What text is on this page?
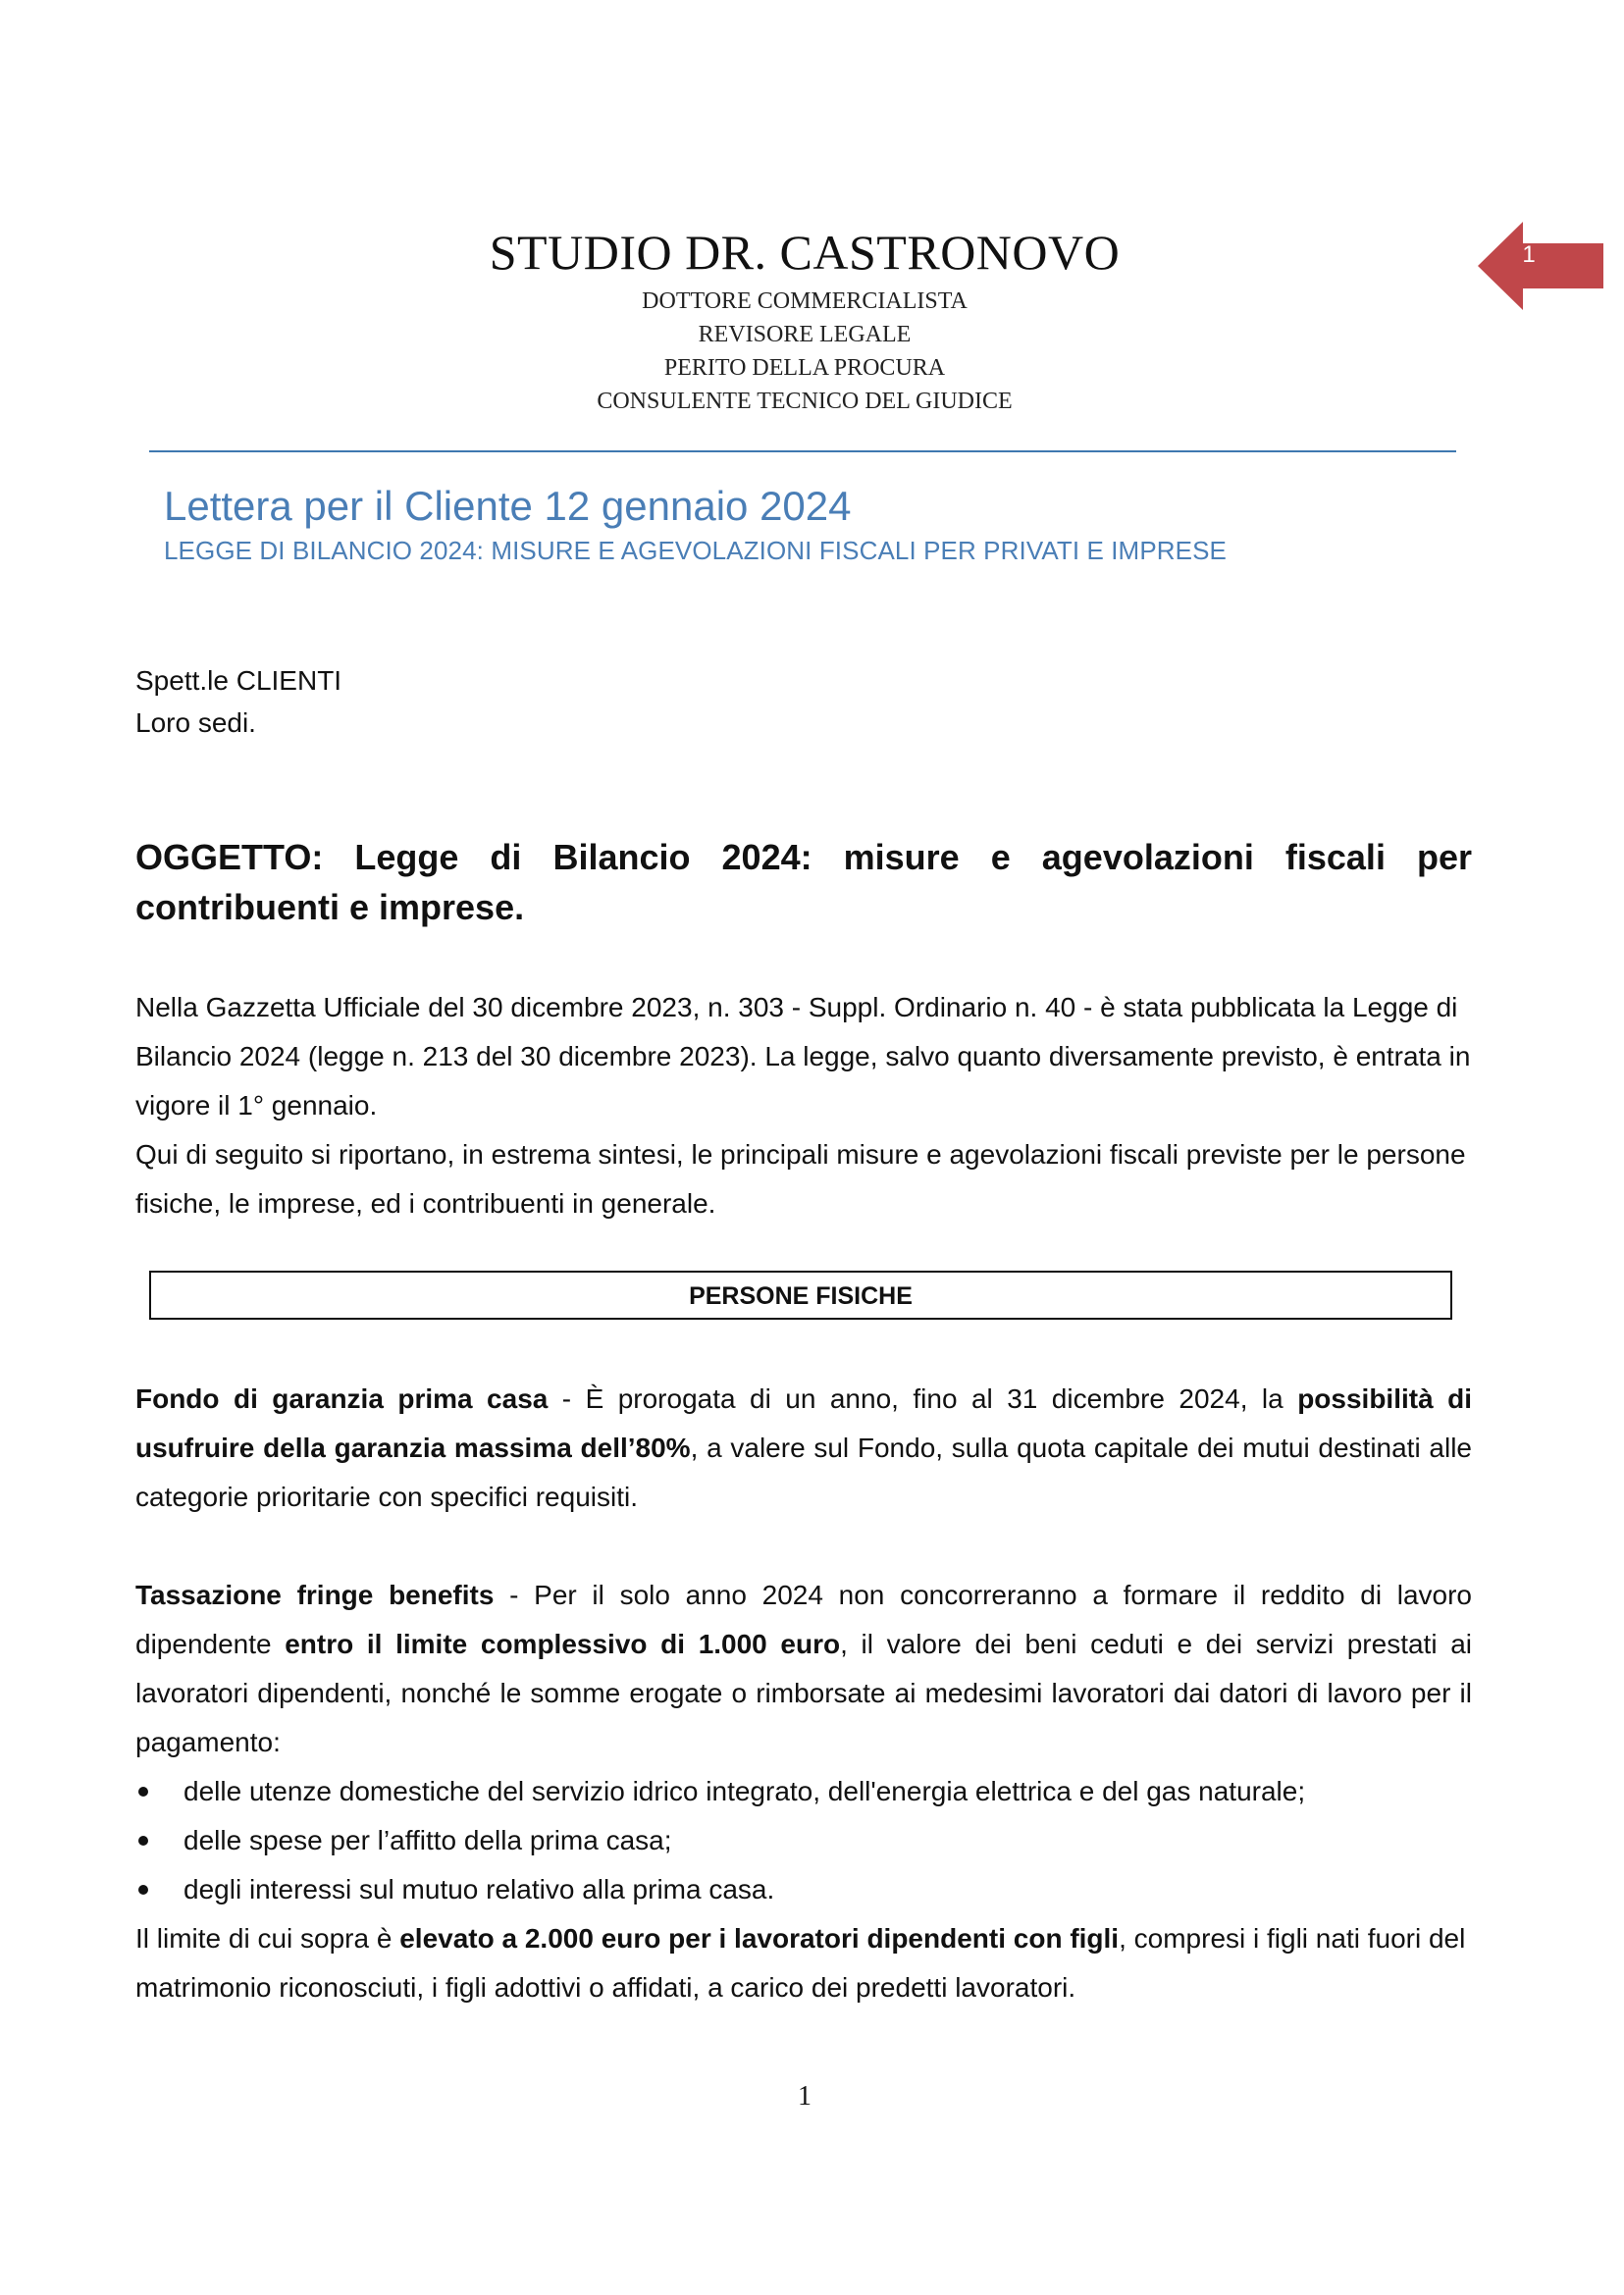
STUDIO DR. CASTRONOVO
DOTTORE COMMERCIALISTA
REVISORE LEGALE
PERITO DELLA PROCURA
CONSULENTE TECNICO DEL GIUDICE
1
Lettera per il Cliente 12 gennaio 2024
LEGGE DI BILANCIO 2024: MISURE E AGEVOLAZIONI FISCALI PER PRIVATI E IMPRESE
Spett.le CLIENTI
Loro sedi.
OGGETTO: Legge di Bilancio 2024: misure e agevolazioni fiscali per contribuenti e imprese.
Nella Gazzetta Ufficiale del 30 dicembre 2023, n. 303 - Suppl. Ordinario n. 40 - è stata pubblicata la Legge di Bilancio 2024 (legge n. 213 del 30 dicembre 2023). La legge, salvo quanto diversamente previsto, è entrata in vigore il 1° gennaio.
Qui di seguito si riportano, in estrema sintesi, le principali misure e agevolazioni fiscali previste per le persone fisiche, le imprese, ed i contribuenti in generale.
PERSONE FISICHE
Fondo di garanzia prima casa - È prorogata di un anno, fino al 31 dicembre 2024, la possibilità di usufruire della garanzia massima dell’80%, a valere sul Fondo, sulla quota capitale dei mutui destinati alle categorie prioritarie con specifici requisiti.
Tassazione fringe benefits - Per il solo anno 2024 non concorreranno a formare il reddito di lavoro dipendente entro il limite complessivo di 1.000 euro, il valore dei beni ceduti e dei servizi prestati ai lavoratori dipendenti, nonché le somme erogate o rimborsate ai medesimi lavoratori dai datori di lavoro per il pagamento:
delle utenze domestiche del servizio idrico integrato, dell'energia elettrica e del gas naturale;
delle spese per l’affitto della prima casa;
degli interessi sul mutuo relativo alla prima casa.
Il limite di cui sopra è elevato a 2.000 euro per i lavoratori dipendenti con figli, compresi i figli nati fuori del matrimonio riconosciuti, i figli adottivi o affidati, a carico dei predetti lavoratori.
1
